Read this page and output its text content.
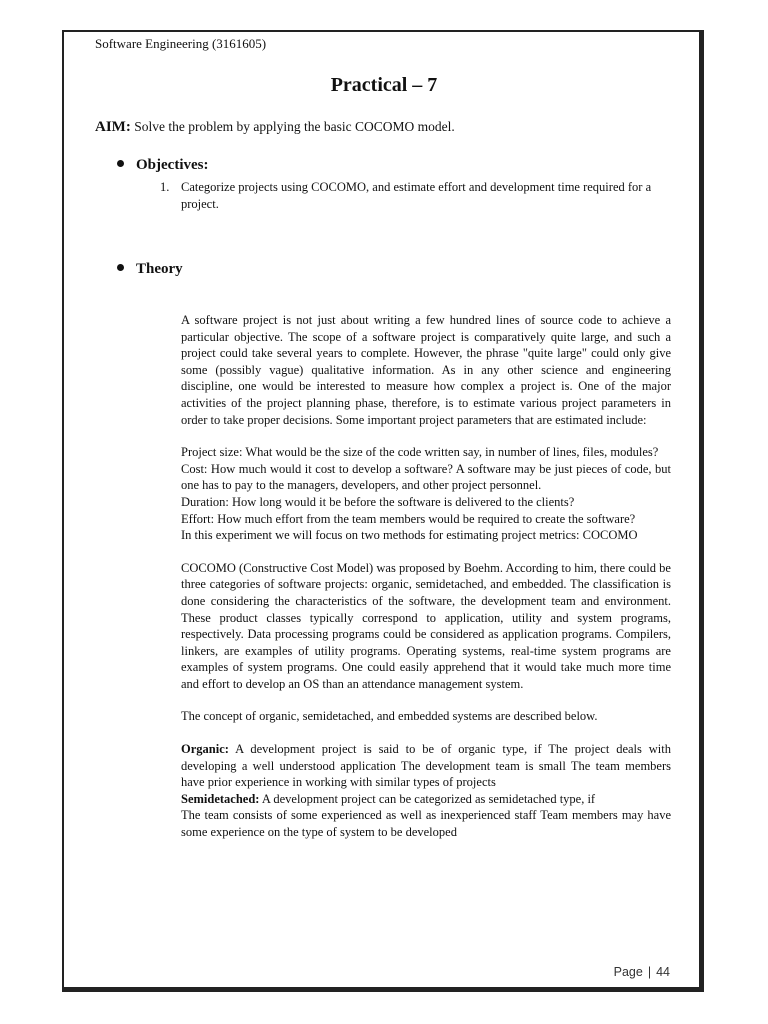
Software Engineering (3161605)
Practical – 7
AIM: Solve the problem by applying the basic COCOMO model.
Objectives:
1. Categorize projects using COCOMO, and estimate effort and development time required for a project.
Theory

A software project is not just about writing a few hundred lines of source code to achieve a particular objective. The scope of a software project is comparatively quite large, and such a project could take several years to complete. However, the phrase "quite large" could only give some (possibly vague) qualitative information. As in any other science and engineering discipline, one would be interested to measure how complex a project is. One of the major activities of the project planning phase, therefore, is to estimate various project parameters in order to take proper decisions. Some important project parameters that are estimated include:

Project size: What would be the size of the code written say, in number of lines, files, modules?

Cost: How much would it cost to develop a software? A software may be just pieces of code, but one has to pay to the managers, developers, and other project personnel.

Duration: How long would it be before the software is delivered to the clients?

Effort: How much effort from the team members would be required to create the software?

In this experiment we will focus on two methods for estimating project metrics: COCOMO

COCOMO (Constructive Cost Model) was proposed by Boehm. According to him, there could be three categories of software projects: organic, semidetached, and embedded. The classification is done considering the characteristics of the software, the development team and environment. These product classes typically correspond to application, utility and system programs, respectively. Data processing programs could be considered as application programs. Compilers, linkers, are examples of utility programs. Operating systems, real-time system programs are examples of system programs. One could easily apprehend that it would take much more time and effort to develop an OS than an attendance management system.

The concept of organic, semidetached, and embedded systems are described below.

Organic: A development project is said to be of organic type, if The project deals with developing a well understood application The development team is small The team members have prior experience in working with similar types of projects

Semidetached: A development project can be categorized as semidetached type, if

The team consists of some experienced as well as inexperienced staff Team members may have some experience on the type of system to be developed

Page | 44
